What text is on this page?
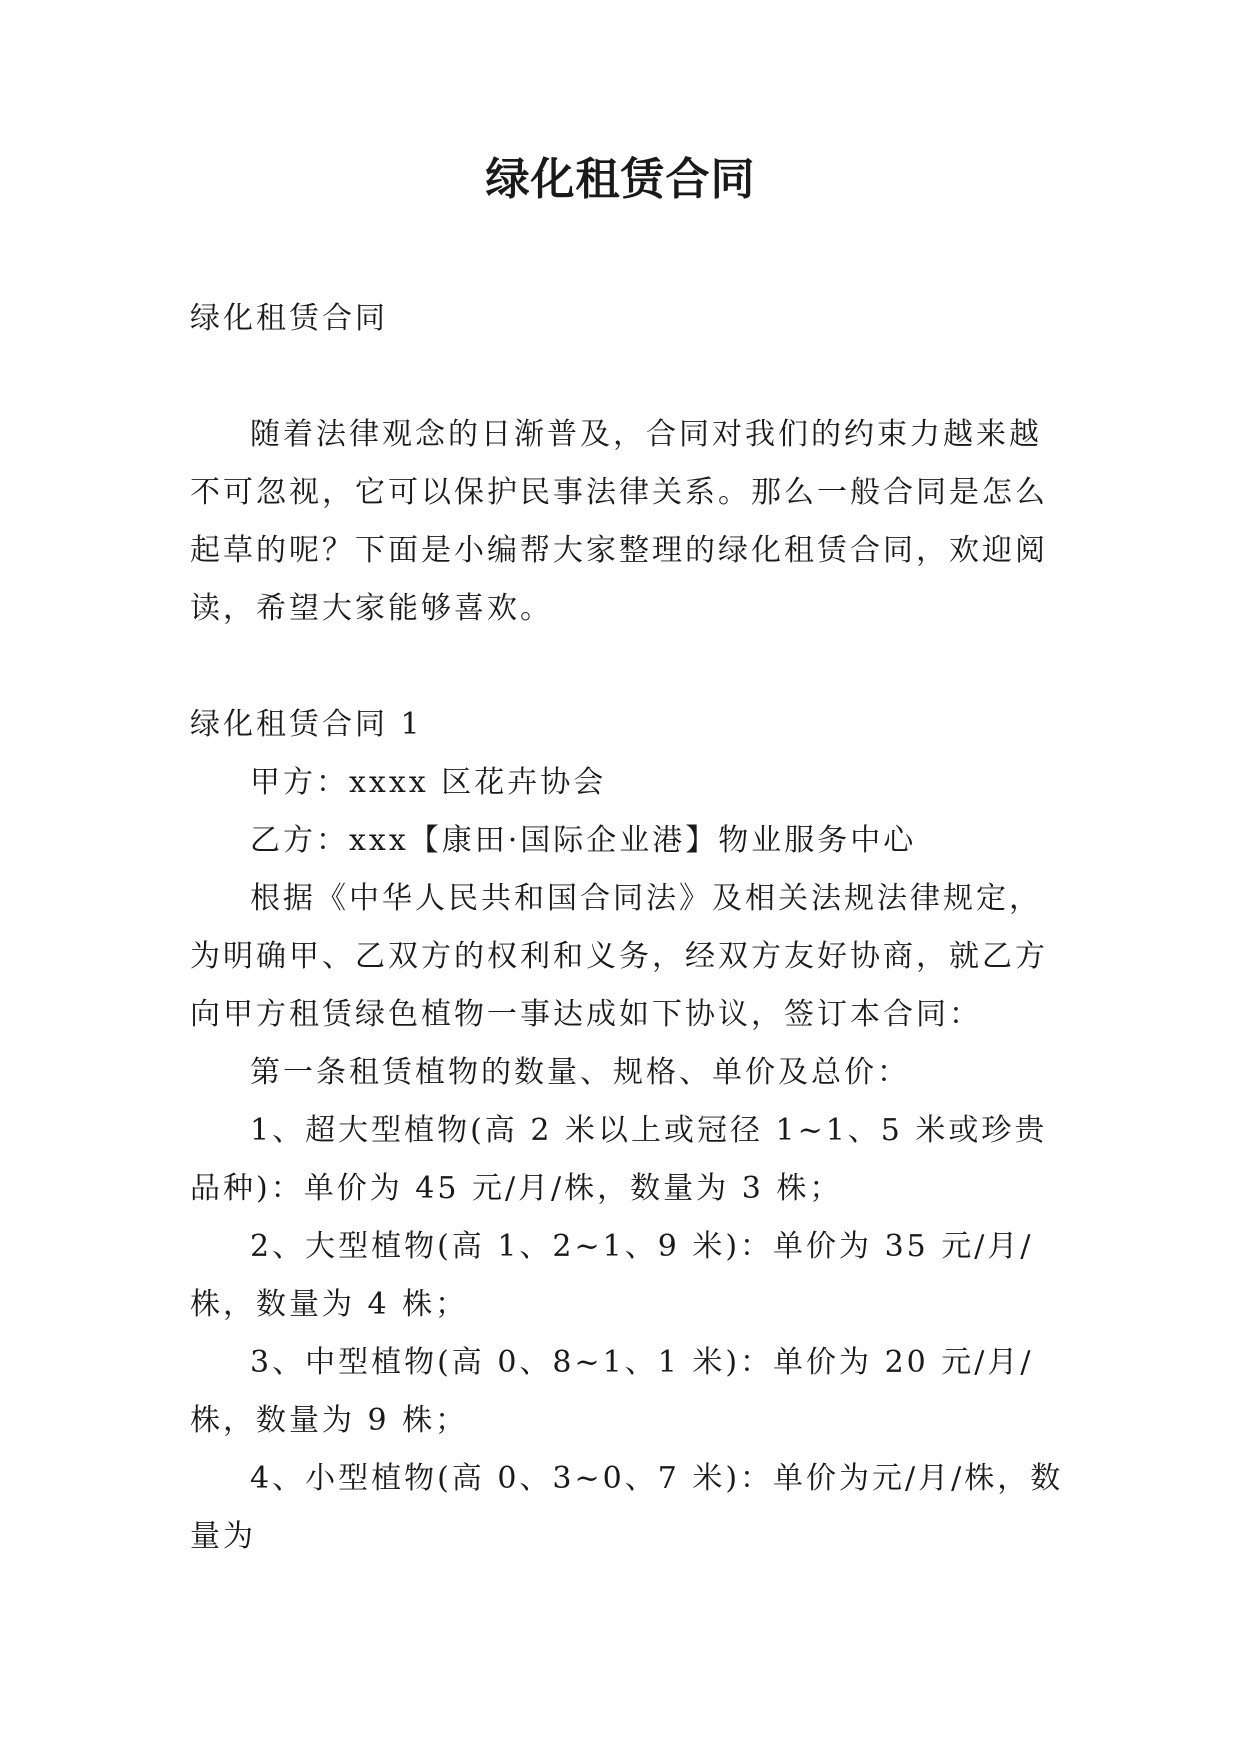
绿化租赁合同

绿化租赁合同

随着法律观念的日渐普及，合同对我们的约束力越来越不可忽视，它可以保护民事法律关系。那么一般合同是怎么起草的呢？下面是小编帮大家整理的绿化租赁合同，欢迎阅读，希望大家能够喜欢。

绿化租赁合同 1

甲方：xxxx 区花卉协会

乙方：xxx【康田·国际企业港】物业服务中心

根据《中华人民共和国合同法》及相关法规法律规定，为明确甲、乙双方的权利和义务，经双方友好协商，就乙方向甲方租赁绿色植物一事达成如下协议，签订本合同：

第一条租赁植物的数量、规格、单价及总价：

1、超大型植物(高 2 米以上或冠径 1~1、5 米或珍贵品种)：单价为 45 元/月/株，数量为 3 株；

2、大型植物(高 1、2~1、9 米)：单价为 35 元/月/株，数量为 4 株；

3、中型植物(高 0、8~1、1 米)：单价为 20 元/月/株，数量为 9 株；

4、小型植物(高 0、3~0、7 米)：单价为元/月/株，数量为
